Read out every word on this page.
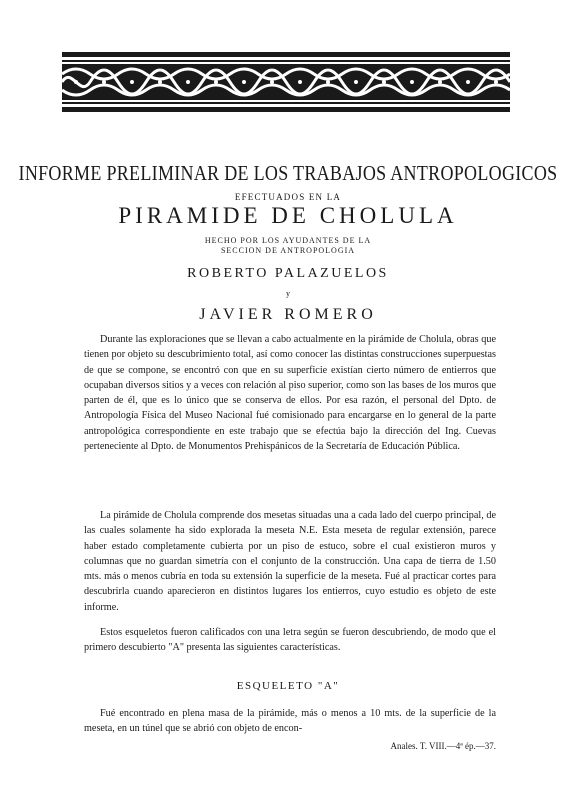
INFORME PRELIMINAR DE LOS TRABAJOS ANTROPOLOGICOS

EFECTUADOS EN LA

PIRAMIDE DE CHOLULA

HECHO POR LOS AYUDANTES DE LA
SECCION DE ANTROPOLOGIA

ROBERTO PALAZUELOS

y

JAVIER ROMERO

Durante las exploraciones que se llevan a cabo actualmente en la pirámide de Cholula, obras que tienen por objeto su descubrimiento total, así como conocer las distintas construcciones superpuestas de que se compone, se encontró con que en su superficie existían cierto número de entierros que ocupaban diversos sitios y a veces con relación al piso superior, como son las bases de los muros que parten de él, que es lo único que se conserva de ellos. Por esa razón, el personal del Dpto. de Antropología Física del Museo Nacional fué comisionado para encargarse en lo general de la parte antropológica correspondiente en este trabajo que se efectúa bajo la dirección del Ing. Cuevas perteneciente al Dpto. de Monumentos Prehispánicos de la Secretaría de Educación Pública.

La pirámide de Cholula comprende dos mesetas situadas una a cada lado del cuerpo principal, de las cuales solamente ha sido explorada la meseta N.E. Esta meseta de regular extensión, parece haber estado completamente cubierta por un piso de estuco, sobre el cual existieron muros y columnas que no guardan simetría con el conjunto de la construcción. Una capa de tierra de 1.50 mts. más o menos cubría en toda su extensión la superficie de la meseta. Fué al practicar cortes para descubrirla cuando aparecieron en distintos lugares los entierros, cuyo estudio es objeto de este informe.

Estos esqueletos fueron calificados con una letra según se fueron descubriendo, de modo que el primero descubierto "A" presenta las siguientes características.

ESQUELETO "A"

Fué encontrado en plena masa de la pirámide, más o menos a 10 mts. de la superficie de la meseta, en un túnel que se abrió con objeto de encon-

Anales. T. VIII.—4ª ép.—37.
